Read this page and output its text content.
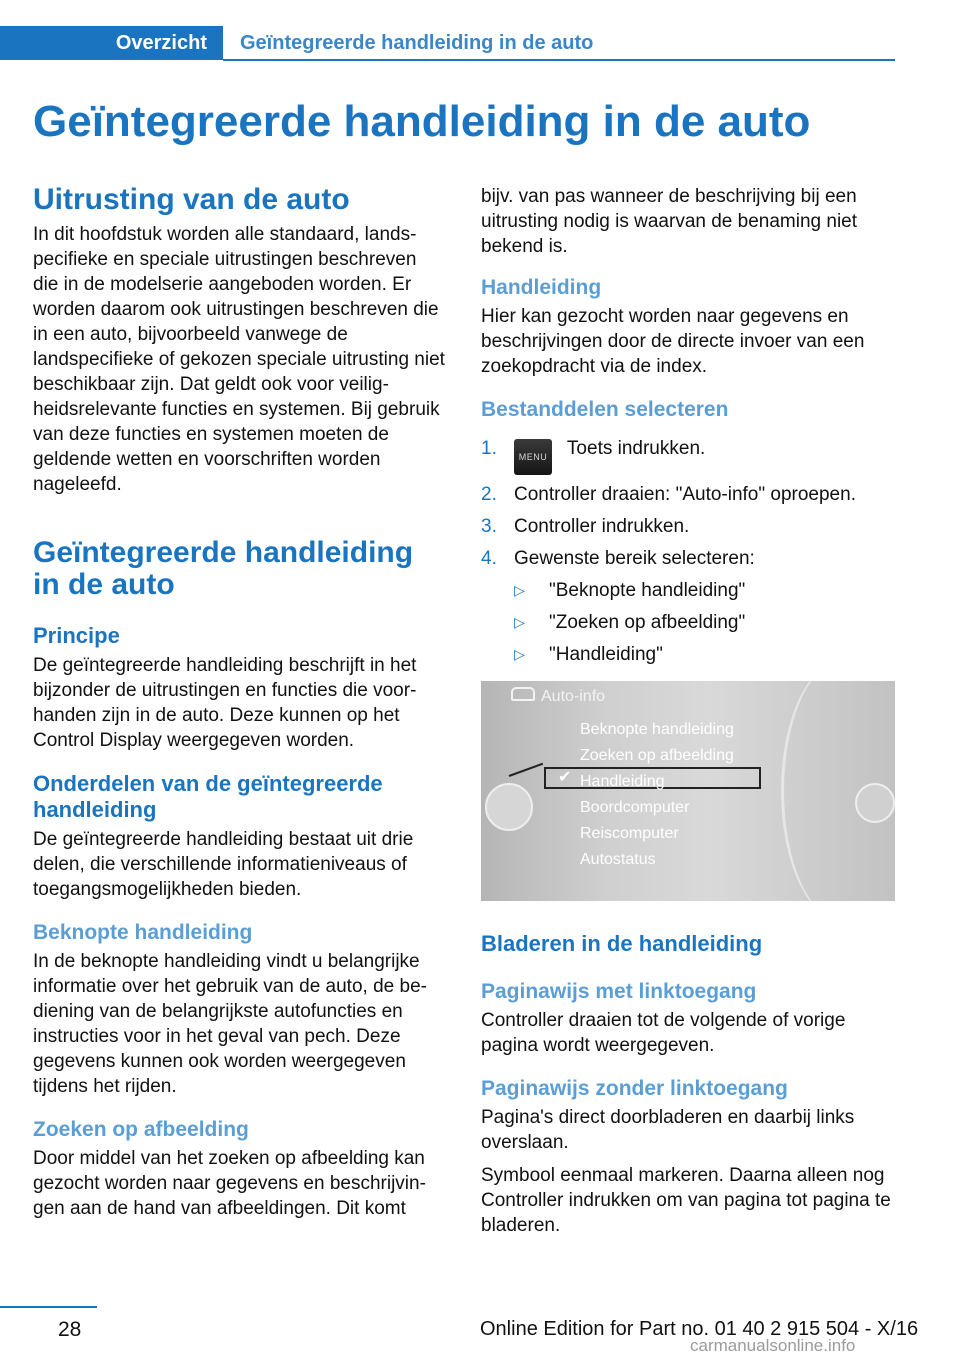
Overzicht	Geïntegreerde handleiding in de auto
Geïntegreerde handleiding in de auto
Uitrusting van de auto

In dit hoofdstuk worden alle standaard, landspecifieke en speciale uitrustingen beschreven die in de modelserie aangeboden worden. Er worden daarom ook uitrustingen beschreven die in een auto, bijvoorbeeld vanwege de landspecifieke of gekozen speciale uitrusting niet beschikbaar zijn. Dat geldt ook voor veiligheidsrelevante functies en systemen. Bij gebruik van deze functies en systemen moeten de geldende wetten en voorschriften worden nageleefd.

Geïntegreerde handleiding in de auto
Principe

De geïntegreerde handleiding beschrijft in het bijzonder de uitrustingen en functies die voorhanden zijn in de auto. Deze kunnen op het Control Display weergegeven worden.

Onderdelen van de geïntegreerde handleiding

De geïntegreerde handleiding bestaat uit drie delen, die verschillende informatieniveaus of toegangsmogelijkheden bieden.

Beknopte handleiding

In de beknopte handleiding vindt u belangrijke informatie over het gebruik van de auto, de bediening van de belangrijkste autofuncties en instructies voor in het geval van pech. Deze gegevens kunnen ook worden weergegeven tijdens het rijden.

Zoeken op afbeelding

Door middel van het zoeken op afbeelding kan gezocht worden naar gegevens en beschrijvingen aan de hand van afbeeldingen. Dit komt

bijv. van pas wanneer de beschrijving bij een uitrusting nodig is waarvan de benaming niet bekend is.

Handleiding

Hier kan gezocht worden naar gegevens en beschrijvingen door de directe invoer van een zoekopdracht via de index.

Bestanddelen selecteren
1. MENU Toets indrukken.
2. Controller draaien: "Auto-info" oproepen.
3. Controller indrukken.
4. Gewenste bereik selecteren:
▷ "Beknopte handleiding"
▷ "Zoeken op afbeelding"
▷ "Handleiding"
Auto-info
✔
Beknopte handleiding
Zoeken op afbeelding
Handleiding
Boordcomputer
Reiscomputer
Autostatus
Bladeren in de handleiding
Paginawijs met linktoegang

Controller draaien tot de volgende of vorige pagina wordt weergegeven.

Paginawijs zonder linktoegang

Pagina's direct doorbladeren en daarbij links overslaan.

Symbool eenmaal markeren. Daarna alleen nog Controller indrukken om van pagina tot pagina te bladeren.

28	Online Edition for Part no. 01 40 2 915 504 - X/16
carmanualsonline.info
